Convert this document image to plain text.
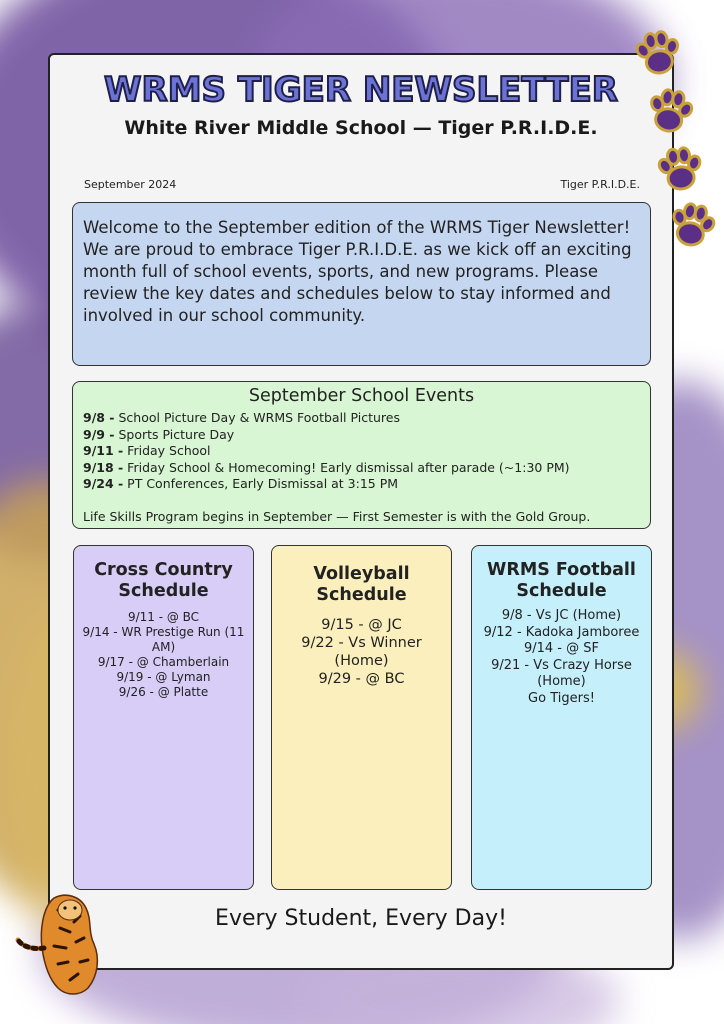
WRMS TIGER NEWSLETTER
White River Middle School — Tiger P.R.I.D.E.
September 2024	Tiger P.R.I.D.E.
Welcome to the September edition of the WRMS Tiger Newsletter! We are proud to embrace Tiger P.R.I.D.E. as we kick off an exciting month full of school events, sports, and new programs. Please review the key dates and schedules below to stay informed and involved in our school community.
September School Events
9/8 - School Picture Day & WRMS Football Pictures
9/9 - Sports Picture Day
9/11 - Friday School
9/18 - Friday School & Homecoming! Early dismissal after parade (~1:30 PM)
9/24 - PT Conferences, Early Dismissal at 3:15 PM
Life Skills Program begins in September — First Semester is with the Gold Group.
Cross Country
Schedule
9/11 - @ BC
9/14 - WR Prestige Run (11 AM)
9/17 - @ Chamberlain
9/19 - @ Lyman
9/26 - @ Platte
Volleyball
Schedule
9/15 - @ JC
9/22 - Vs Winner (Home)
9/29 - @ BC
WRMS Football
Schedule
9/8 - Vs JC (Home)
9/12 - Kadoka Jamboree
9/14 - @ SF
9/21 - Vs Crazy Horse
(Home)
Go Tigers!
Every Student, Every Day!
